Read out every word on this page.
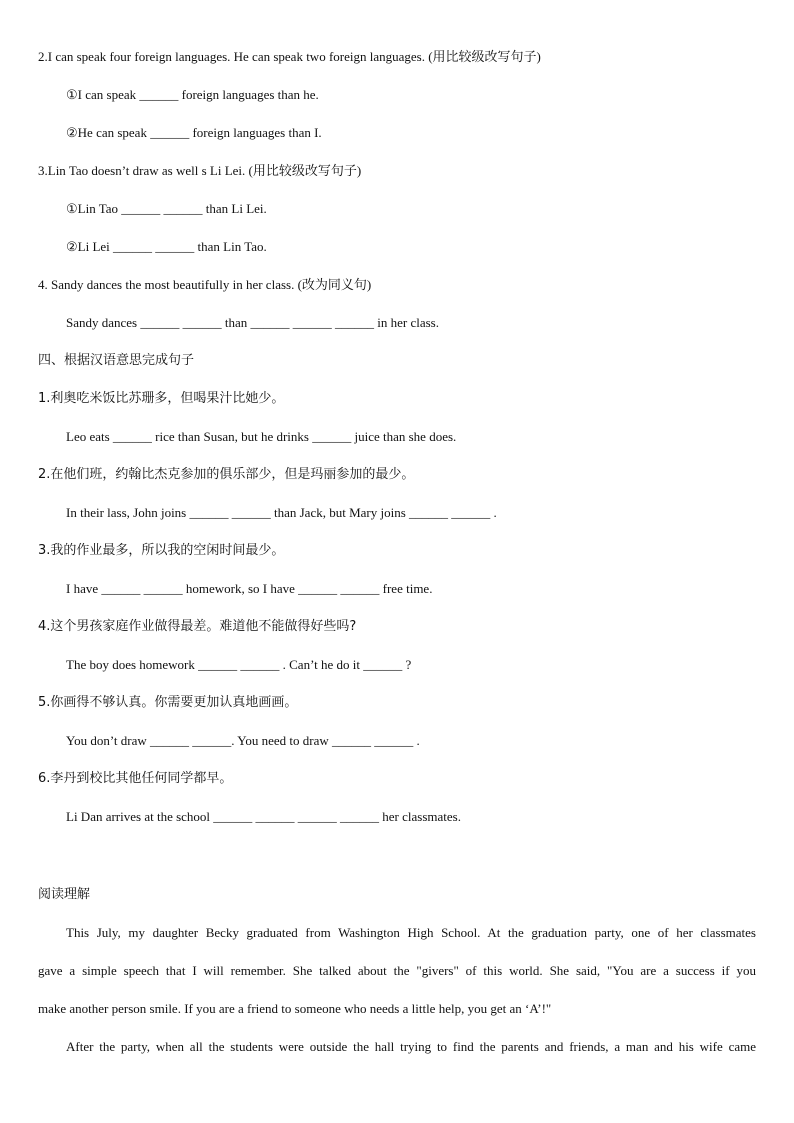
2.I can speak four foreign languages. He can speak two foreign languages. (用比较级改写句子)
①I can speak ______ foreign languages than he.
②He can speak ______ foreign languages than I.
3.Lin Tao doesn’t draw as well s Li Lei. (用比较级改写句子)
①Lin Tao ______ ______ than Li Lei.
②Li Lei ______ ______ than Lin Tao.
4. Sandy dances the most beautifully in her class. (改为同义句)
Sandy dances ______ ______ than ______ ______ ______ in her class.
四、根据汉语意思完成句子
1.利奥吃米饭比苏珊多，但喝果汁比她少。
Leo eats ______ rice than Susan, but he drinks ______ juice than she does.
2.在他们班，约翰比杰克参加的俱乐部少，但是玛丽参加的最少。
In their lass, John joins ______ ______ than Jack, but Mary joins ______ ______ .
3.我的作业最多，所以我的空闲时间最少。
I have ______ ______ homework, so I have ______ ______ free time.
4.这个男孩家庭作业做得最差。难道他不能做得好些吗?
The boy does homework ______ ______ . Can’t he do it ______ ?
5.你画得不够认真。你需要更加认真地画画。
You don’t draw ______ ______. You need to draw ______ ______ .
6.李丹到校比其他任何同学都早。
Li Dan arrives at the school ______ ______ ______ ______ her classmates.
阅读理解
This July, my daughter Becky graduated from Washington High School. At the graduation party, one of her classmates
gave a simple speech that I will remember. She talked about the "givers" of this world. She said, "You are a success if you
make another person smile. If you are a friend to someone who needs a little help, you get an ‘A’!"
After the party, when all the students were outside the hall trying to find the parents and friends, a man and his wife came
